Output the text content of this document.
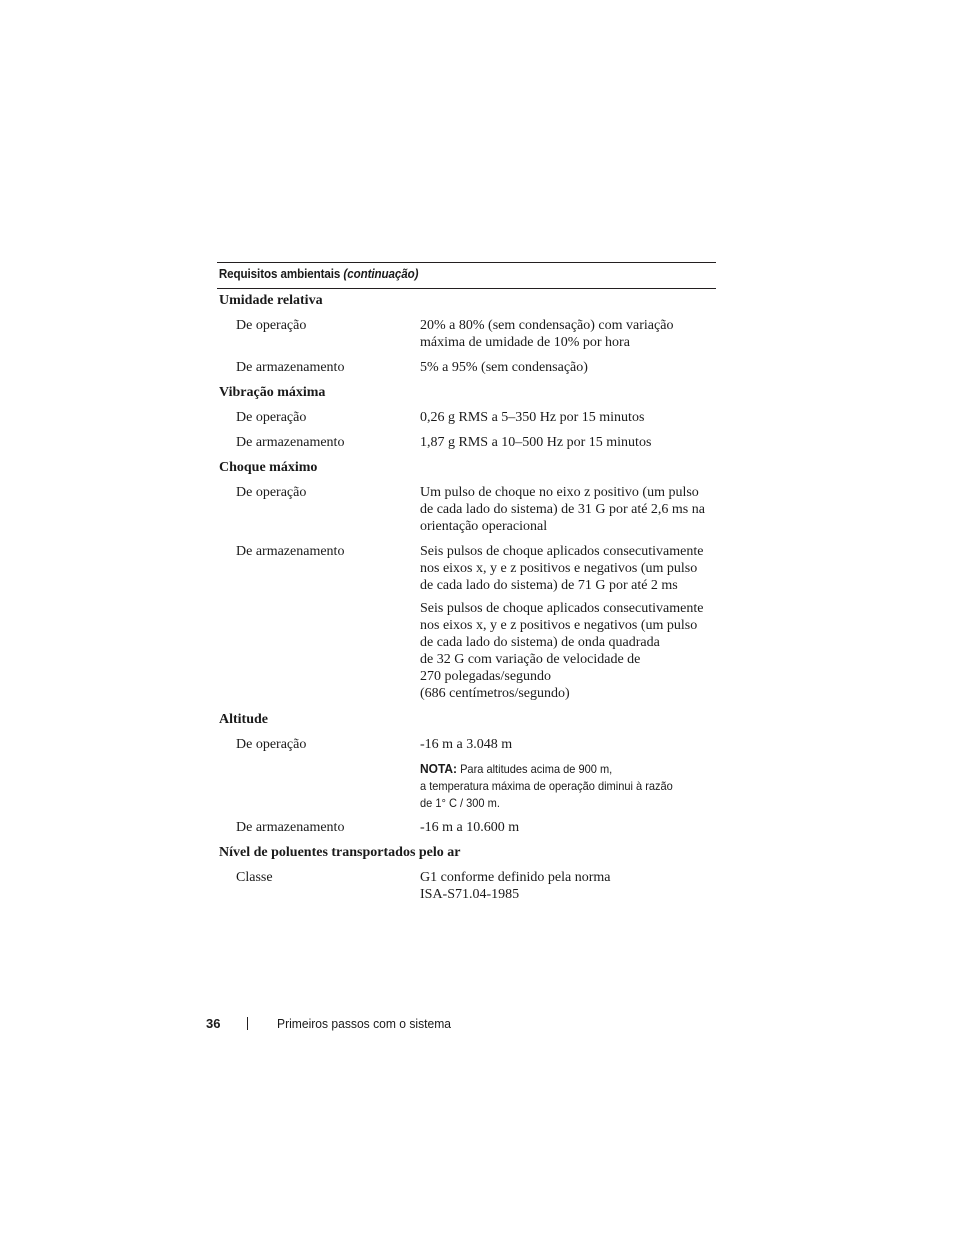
Requisitos ambientais (continuação)
Umidade relativa
De operação	20% a 80% (sem condensação) com variação
máxima de umidade de 10% por hora
De armazenamento	5% a 95% (sem condensação)
Vibração máxima
De operação	0,26 g RMS a 5–350 Hz por 15 minutos
De armazenamento	1,87 g RMS a 10–500 Hz por 15 minutos
Choque máximo
De operação	Um pulso de choque no eixo z positivo (um pulso
de cada lado do sistema) de 31 G por até 2,6 ms na
orientação operacional
De armazenamento	Seis pulsos de choque aplicados consecutivamente
nos eixos x, y e z positivos e negativos (um pulso
de cada lado do sistema) de 71 G por até 2 ms
Seis pulsos de choque aplicados consecutivamente
nos eixos x, y e z positivos e negativos (um pulso
de cada lado do sistema) de onda quadrada
de 32 G com variação de velocidade de
270 polegadas/segundo
(686 centímetros/segundo)
Altitude
De operação	-16 m a 3.048 m
NOTA: Para altitudes acima de 900 m,
a temperatura máxima de operação diminui à razão
de 1° C / 300 m.
De armazenamento	-16 m a 10.600 m
Nível de poluentes transportados pelo ar
Classe	G1 conforme definido pela norma
ISA-S71.04-1985
36	Primeiros passos com o sistema
